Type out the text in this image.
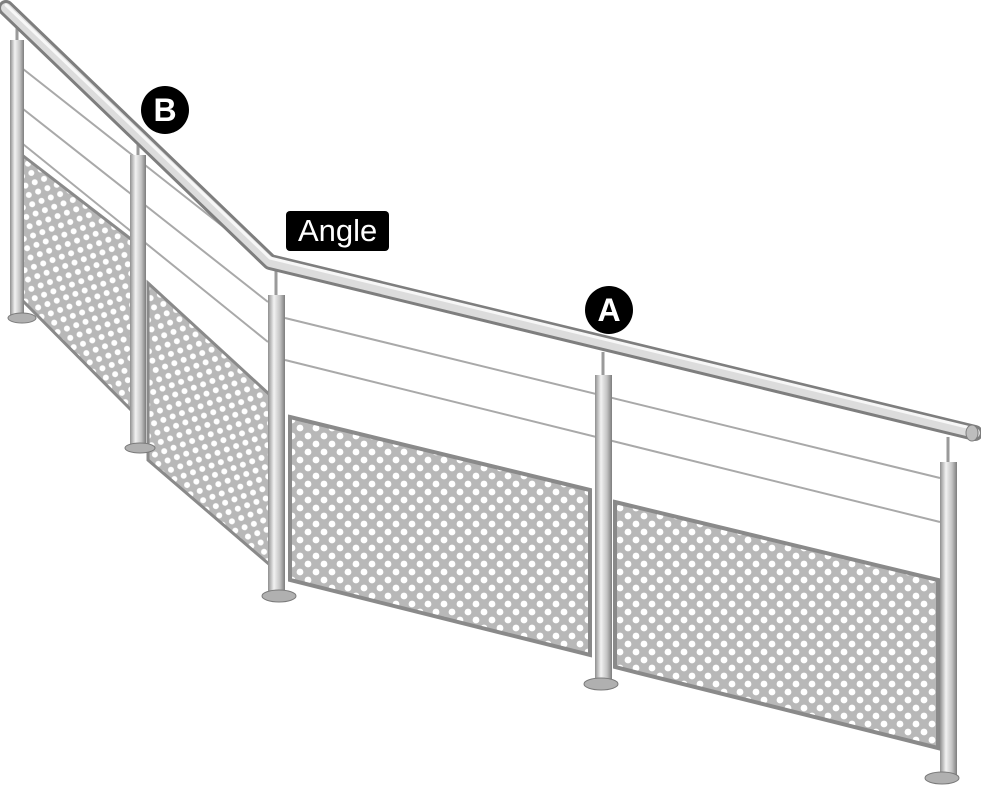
B
Angle
A
